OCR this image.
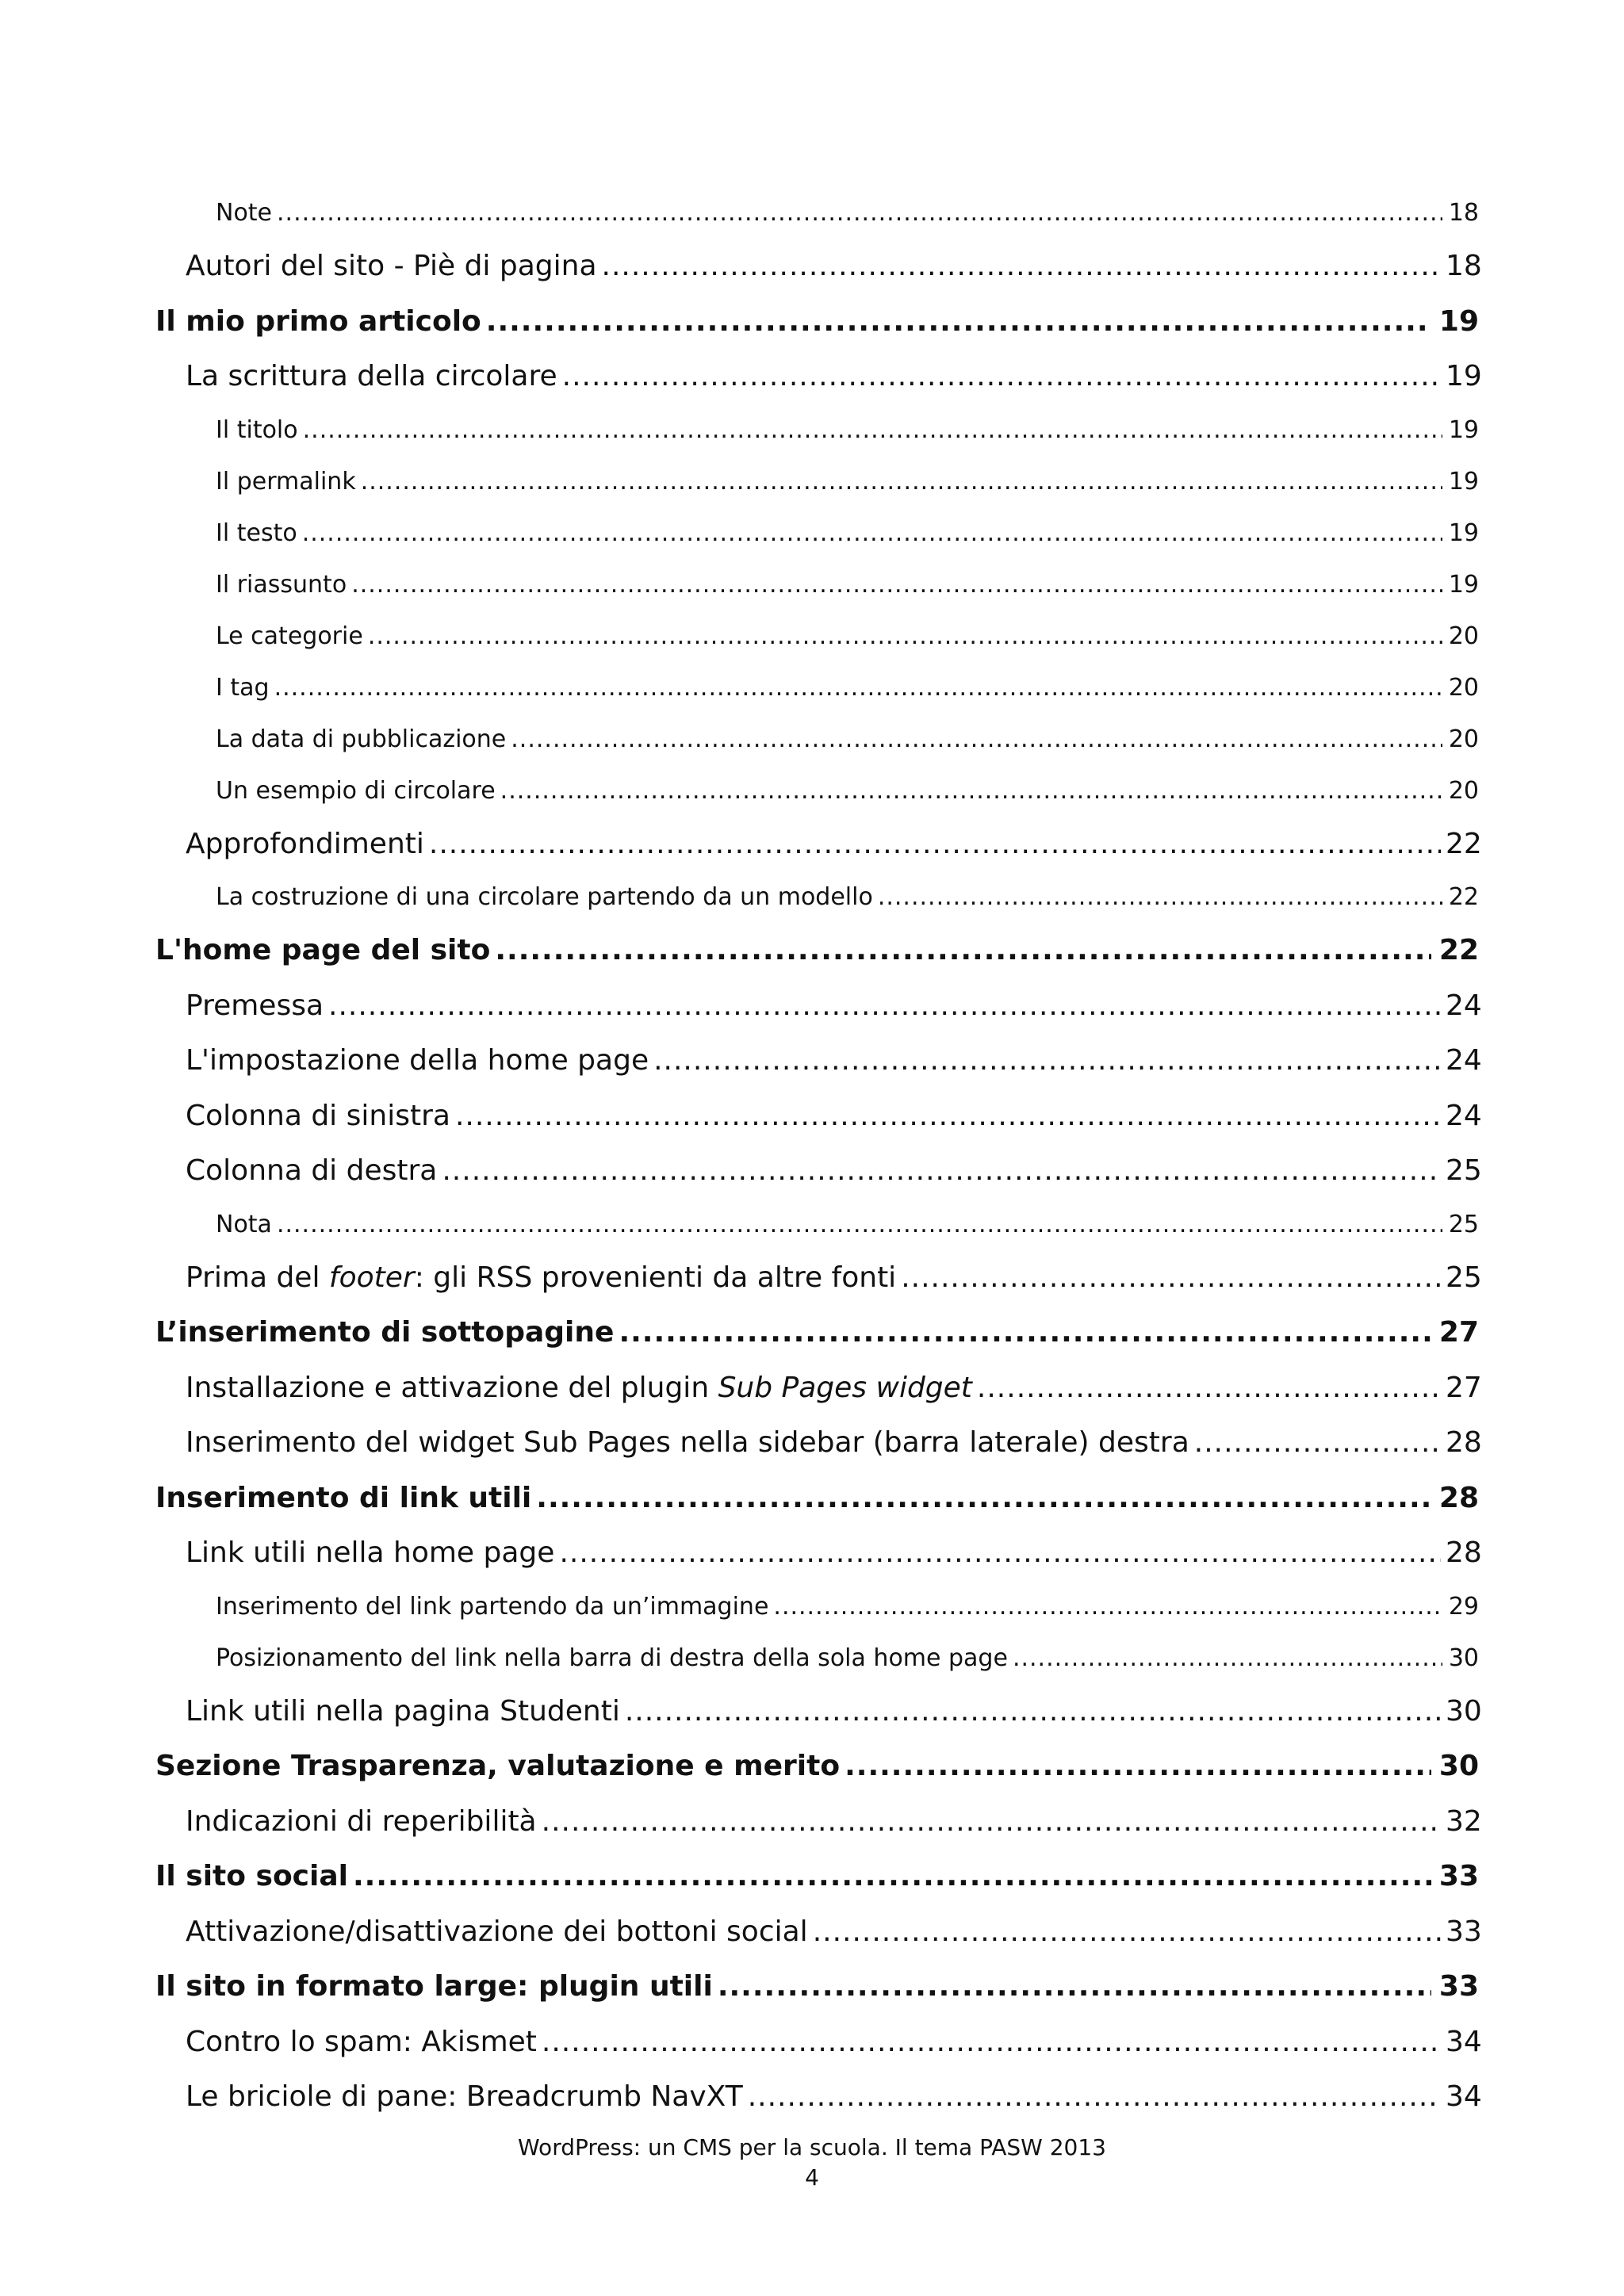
Note .....	18
Autori del sito - Piè di pagina .....	18
Il mio primo articolo .....	19
La scrittura della circolare .....	19
Il titolo .....	19
Il permalink .....	19
Il testo .....	19
Il riassunto .....	19
Le categorie .....	20
I tag .....	20
La data di pubblicazione .....	20
Un esempio di circolare .....	20
Approfondimenti .....	22
La costruzione di una circolare partendo da un modello .....	22
L'home page del sito .....	22
Premessa .....	24
L'impostazione della home page .....	24
Colonna di sinistra .....	24
Colonna di destra .....	25
Nota .....	25
Prima del footer: gli RSS provenienti da altre fonti .....	25
L’inserimento di sottopagine .....	27
Installazione e attivazione del plugin Sub Pages widget .....	27
Inserimento del widget Sub Pages nella sidebar (barra laterale) destra .....	28
Inserimento di link utili .....	28
Link utili nella home page .....	28
Inserimento del link partendo da un’immagine .....	29
Posizionamento del link nella barra di destra della sola home page .....	30
Link utili nella pagina Studenti .....	30
Sezione Trasparenza, valutazione e merito .....	30
Indicazioni di reperibilità .....	32
Il sito social .....	33
Attivazione/disattivazione dei bottoni social .....	33
Il sito in formato large: plugin utili .....	33
Contro lo spam: Akismet .....	34
Le briciole di pane: Breadcrumb NavXT .....	34
WordPress: un CMS per la scuola. Il tema PASW 2013
4
